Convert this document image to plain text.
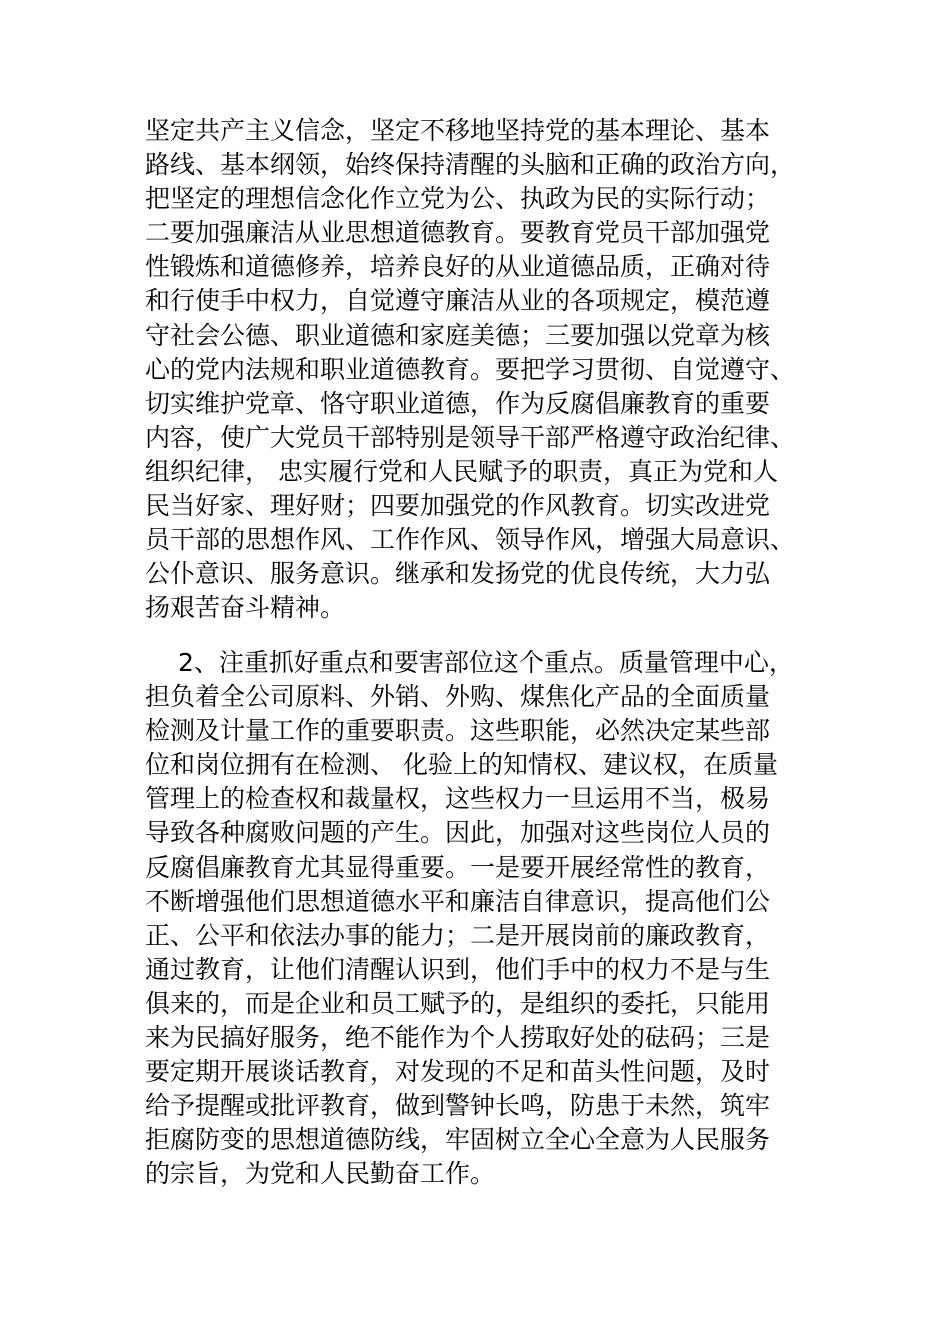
坚定共产主义信念，坚定不移地坚持党的基本理论、基本
路线、基本纲领，始终保持清醒的头脑和正确的政治方向，
把坚定的理想信念化作立党为公、执政为民的实际行动；
二要加强廉洁从业思想道德教育。要教育党员干部加强党
性锻炼和道德修养，培养良好的从业道德品质，正确对待
和行使手中权力，自觉遵守廉洁从业的各项规定，模范遵
守社会公德、职业道德和家庭美德；三要加强以党章为核
心的党内法规和职业道德教育。要把学习贯彻、自觉遵守、
切实维护党章、恪守职业道德，作为反腐倡廉教育的重要
内容，使广大党员干部特别是领导干部严格遵守政治纪律、
组织纪律， 忠实履行党和人民赋予的职责，真正为党和人
民当好家、理好财；四要加强党的作风教育。切实改进党
员干部的思想作风、工作作风、领导作风，增强大局意识、
公仆意识、服务意识。继承和发扬党的优良传统，大力弘
扬艰苦奋斗精神。
2、注重抓好重点和要害部位这个重点。质量管理中心，
担负着全公司原料、外销、外购、煤焦化产品的全面质量
检测及计量工作的重要职责。这些职能，必然决定某些部
位和岗位拥有在检测、 化验上的知情权、建议权，在质量
管理上的检查权和裁量权，这些权力一旦运用不当，极易
导致各种腐败问题的产生。因此，加强对这些岗位人员的
反腐倡廉教育尤其显得重要。一是要开展经常性的教育，
不断增强他们思想道德水平和廉洁自律意识，提高他们公
正、公平和依法办事的能力；二是开展岗前的廉政教育，
通过教育，让他们清醒认识到，他们手中的权力不是与生
俱来的，而是企业和员工赋予的，是组织的委托，只能用
来为民搞好服务，绝不能作为个人捞取好处的砝码；三是
要定期开展谈话教育，对发现的不足和苗头性问题，及时
给予提醒或批评教育，做到警钟长鸣，防患于未然，筑牢
拒腐防变的思想道德防线，牢固树立全心全意为人民服务
的宗旨，为党和人民勤奋工作。
